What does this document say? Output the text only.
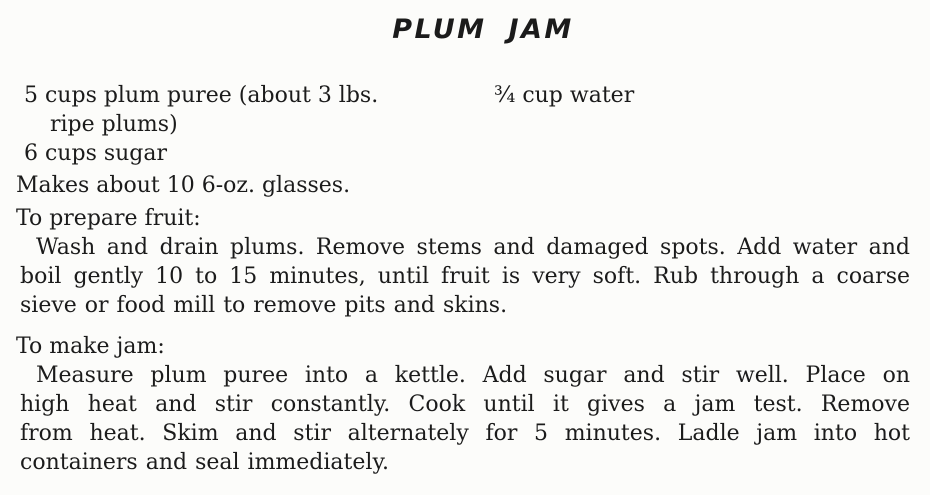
PLUM JAM
5 cups plum puree (about 3 lbs.
ripe plums)
6 cups sugar
¾ cup water
Makes about 10 6-oz. glasses.
To prepare fruit:
Wash and drain plums. Remove stems and damaged spots. Add water and
boil gently 10 to 15 minutes, until fruit is very soft. Rub through a coarse
sieve or food mill to remove pits and skins.
To make jam:
Measure plum puree into a kettle. Add sugar and stir well. Place on
high heat and stir constantly. Cook until it gives a jam test. Remove
from heat. Skim and stir alternately for 5 minutes. Ladle jam into hot
containers and seal immediately.
